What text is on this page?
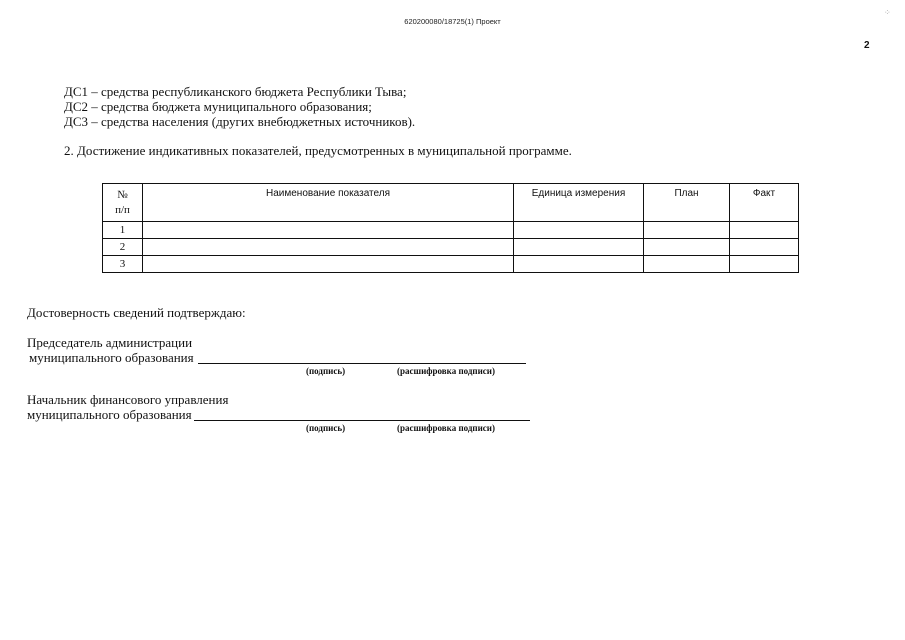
620200080/18725(1) Проект
⁘
2
ДС1 – средства республиканского бюджета Республики Тыва;
ДС2 – средства бюджета муниципального образования;
ДС3 – средства населения (других внебюджетных источников).
2. Достижение индикативных показателей, предусмотренных в муниципальной программе.
№
п/п	Наименование показателя	Единица измерения	План	Факт
1				
2				
3				
Достоверность сведений подтверждаю:
Председатель администрации
муниципального образования
(подпись)	(расшифровка подписи)
Начальник финансового управления
муниципального образования
(подпись)	(расшифровка подписи)
